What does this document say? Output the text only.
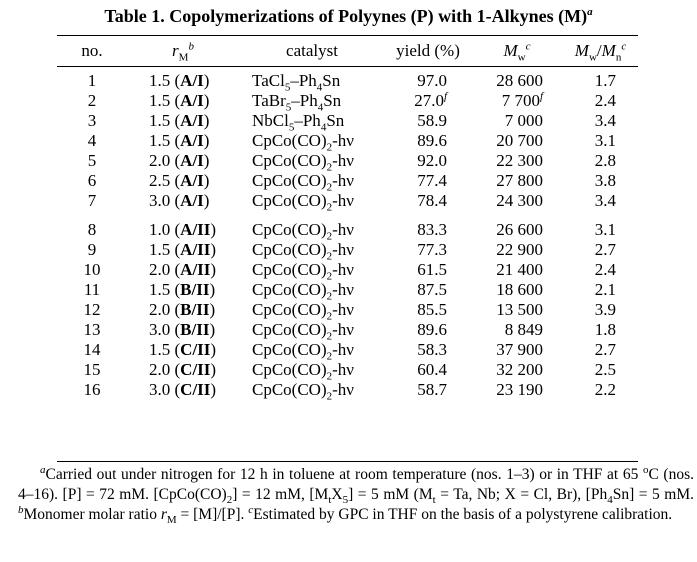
Table 1. Copolymerizations of Polyynes (P) with 1-Alkynes $(M)^a$
no.	$r_M^b$	catalyst	yield (%)	$M_w^c$	$M_w/M_n^c$
1	1.5 (A/I)	$TaCl_5-Ph_4Sn$	97.0	28 600	1.7
2	1.5 (A/I)	$TaBr_5-Ph_4Sn$	27.0$^f$	7 700$^f$	2.4
3	1.5 (A/I)	$NbCl_5-Ph_4Sn$	58.9	7 000	3.4
4	1.5 (A/I)	$CpCo(CO)_2-h\nu$	89.6	20 700	3.1
5	2.0 (A/I)	$CpCo(CO)_2-h\nu$	92.0	22 300	2.8
6	2.5 (A/I)	$CpCo(CO)_2-h\nu$	77.4	27 800	3.8
7	3.0 (A/I)	$CpCo(CO)_2-h\nu$	78.4	24 300	3.4
8	1.0 (A/II)	$CpCo(CO)_2-h\nu$	83.3	26 600	3.1
9	1.5 (A/II)	$CpCo(CO)_2-h\nu$	77.3	22 900	2.7
10	2.0 (A/II)	$CpCo(CO)_2-h\nu$	61.5	21 400	2.4
11	1.5 (B/II)	$CpCo(CO)_2-h\nu$	87.5	18 600	2.1
12	2.0 (B/II)	$CpCo(CO)_2-h\nu$	85.5	13 500	3.9
13	3.0 (B/II)	$CpCo(CO)_2-h\nu$	89.6	8 849	1.8
14	1.5 (C/II)	$CpCo(CO)_2-h\nu$	58.3	37 900	2.7
15	2.0 (C/II)	$CpCo(CO)_2-h\nu$	60.4	32 200	2.5
16	3.0 (C/II)	$CpCo(CO)_2-h\nu$	58.7	23 190	2.2
$^a$Carried out under nitrogen for 12 h in toluene at room temperature (nos. 1–3) or in THF at 65 $^o$C (nos. 4–16). [P] = 72 mM. $[CpCo(CO)_2] = 12$ mM, $[M_tX_5] = 5$ mM ($M_t = Ta$, Nb; X = Cl, Br), $[Ph_4Sn] = 5$ mM. $^b$Monomer molar ratio $r_M = [M]/[P]$. $^c$Estimated by GPC in THF on the basis of a polystyrene calibration.
